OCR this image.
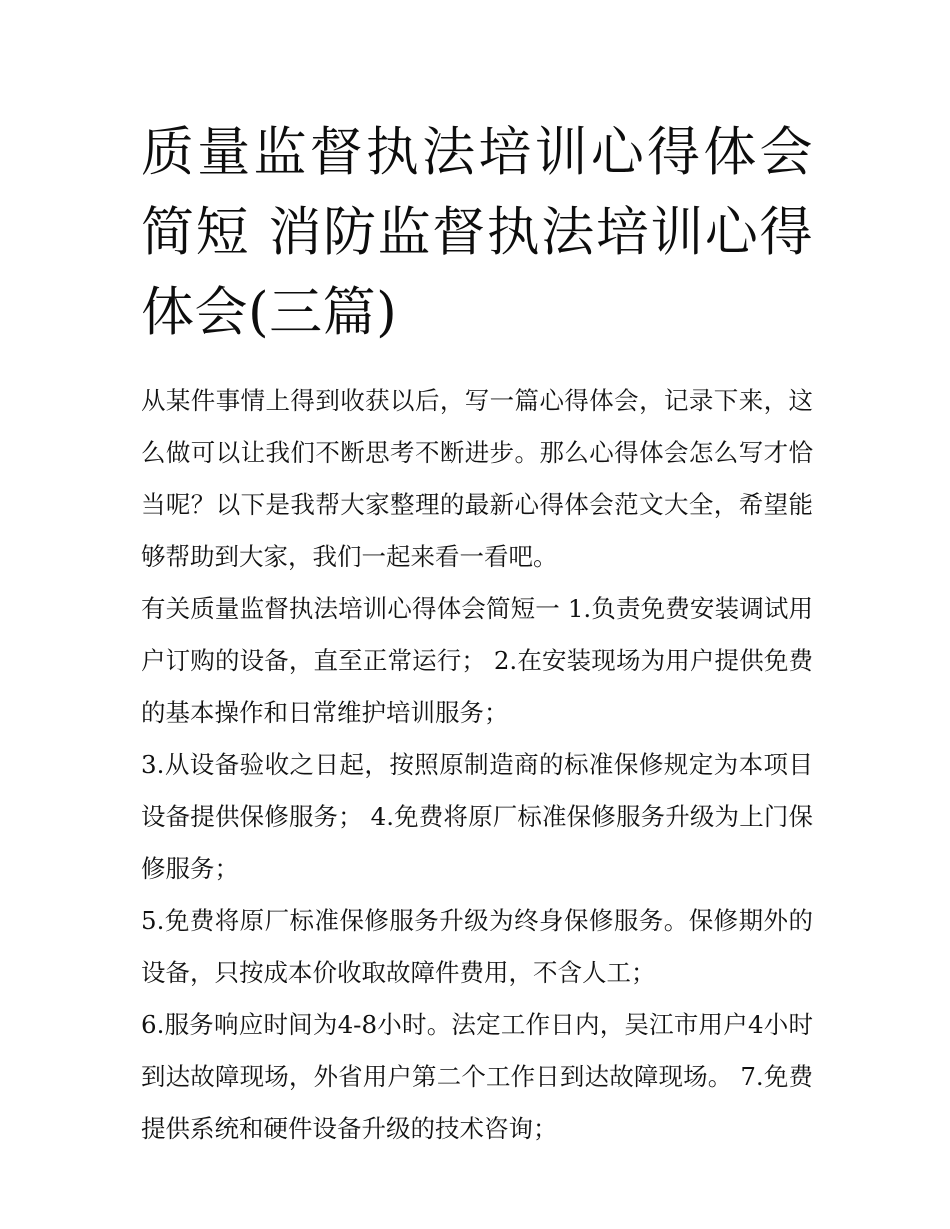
质量监督执法培训心得体会简短 消防监督执法培训心得体会(三篇)

从某件事情上得到收获以后，写一篇心得体会，记录下来，这么做可以让我们不断思考不断进步。那么心得体会怎么写才恰当呢？以下是我帮大家整理的最新心得体会范文大全，希望能够帮助到大家，我们一起来看一看吧。

有关质量监督执法培训心得体会简短一 1.负责免费安装调试用户订购的设备，直至正常运行； 2.在安装现场为用户提供免费的基本操作和日常维护培训服务；

3.从设备验收之日起，按照原制造商的标准保修规定为本项目设备提供保修服务； 4.免费将原厂标准保修服务升级为上门保修服务；

5.免费将原厂标准保修服务升级为终身保修服务。保修期外的设备，只按成本价收取故障件费用，不含人工；

6.服务响应时间为4-8小时。法定工作日内，吴江市用户4小时到达故障现场，外省用户第二个工作日到达故障现场。 7.免费提供系统和硬件设备升级的技术咨询；
